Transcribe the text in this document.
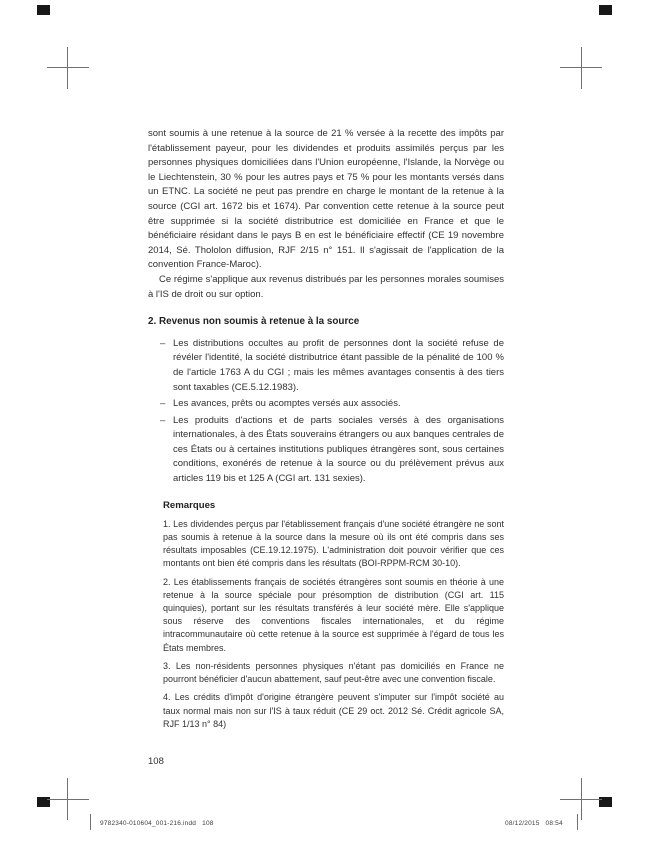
sont soumis à une retenue à la source de 21 % versée à la recette des impôts par l'établissement payeur, pour les dividendes et produits assimilés perçus par les personnes physiques domiciliées dans l'Union européenne, l'Islande, la Norvège ou le Liechtenstein, 30 % pour les autres pays et 75 % pour les montants versés dans un ETNC. La société ne peut pas prendre en charge le montant de la retenue à la source (CGI art. 1672 bis et 1674). Par convention cette retenue à la source peut être supprimée si la société distributrice est domiciliée en France et que le bénéficiaire résidant dans le pays B en est le bénéficiaire effectif (CE 19 novembre 2014, Sé. Thololon diffusion, RJF 2/15 n° 151. Il s'agissait de l'application de la convention France-Maroc).

Ce régime s'applique aux revenus distribués par les personnes morales soumises à l'IS de droit ou sur option.

2. Revenus non soumis à retenue à la source
– Les distributions occultes au profit de personnes dont la société refuse de révéler l'identité, la société distributrice étant passible de la pénalité de 100 % de l'article 1763 A du CGI ; mais les mêmes avantages consentis à des tiers sont taxables (CE.5.12.1983).
– Les avances, prêts ou acomptes versés aux associés.
– Les produits d'actions et de parts sociales versés à des organisations internationales, à des États souverains étrangers ou aux banques centrales de ces États ou à certaines institutions publiques étrangères sont, sous certaines conditions, exonérés de retenue à la source ou du prélèvement prévus aux articles 119 bis et 125 A (CGI art. 131 sexies).

Remarques

1. Les dividendes perçus par l'établissement français d'une société étrangère ne sont pas soumis à retenue à la source dans la mesure où ils ont été compris dans ses résultats imposables (CE.19.12.1975). L'administration doit pouvoir vérifier que ces montants ont bien été compris dans les résultats (BOI-RPPM-RCM 30-10).

2. Les établissements français de sociétés étrangères sont soumis en théorie à une retenue à la source spéciale pour présomption de distribution (CGI art. 115 quinquies), portant sur les résultats transférés à leur société mère. Elle s'applique sous réserve des conventions fiscales internationales, et du régime intracommunautaire où cette retenue à la source est supprimée à l'égard de tous les États membres.

3. Les non-résidents personnes physiques n'étant pas domiciliés en France ne pourront bénéficier d'aucun abattement, sauf peut-être avec une convention fiscale.

4. Les crédits d'impôt d'origine étrangère peuvent s'imputer sur l'impôt société au taux normal mais non sur l'IS à taux réduit (CE 29 oct. 2012 Sé. Crédit agricole SA, RJF 1/13 n° 84)

108
9782340-010604_001-216.indd   108	08/12/2015   08:54
